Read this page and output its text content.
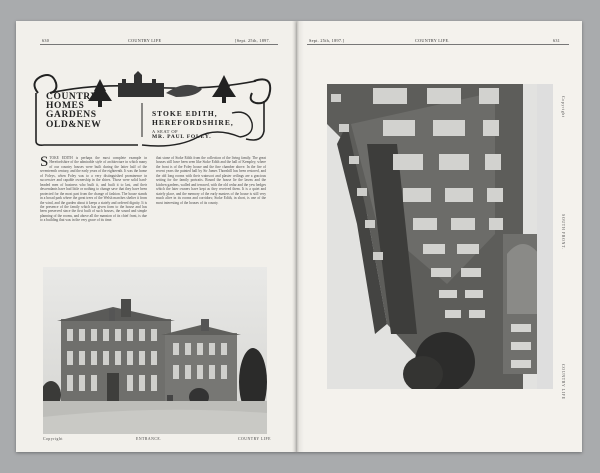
630	COUNTRY LIFE	[Sept. 25th, 1897.
COUNTRY
HOMES
GARDENS
OLD&NEW
STOKE EDITH,
HEREFORDSHIRE,
A SEAT OF
MR. PAUL FOLEY.

STOKE EDITH is perhaps the most complete example in Herefordshire of the admirable style of architecture in which many of our country houses were built during the latter half of the seventeenth century, and the early years of the eighteenth. It was the home of Foleys, when Foley was to a very distinguished prominence in successive and capable ownership in the shires. Those were solid hard-headed men of business who built it, and built it to last, and their descendants have had little or nothing to change save that they have been protected for the most part from the change of fashion. The house stands in a broad park where the great trees of the Welsh marches shelter it from the wind, and the garden about it keeps a stately and ordered dignity. It is the presence of the family which has given form to the house and has been preserved since the first built of such houses, the sound and simple planning of the rooms, and above all the mansion of its chief front, is due to a building that was in the very grace of its time.

that stone of Stoke Edith from the collection of the living family. The great houses still have been seen like Stoke Edith and the hall of Kempley, where the front is of the Foley house and the fine chamber above. In the fire of recent years the painted hall by Sir James Thornhill has been restored, and the old long rooms with their wainscot and plaster ceilings are a gracious setting for the family portraits. Round the house lie the lawns and the kitchen gardens, walled and terraced, with the old cedar and the yew hedges which the later owners have kept as they received them. It is a quiet and stately place, and the memory of the early masters of the house is still very much alive in its rooms and corridors; Stoke Edith, in short, is one of the most interesting of the houses of its county.

Copyright	ENTRANCE.	COUNTRY LIFE
Sept. 25th, 1897.]	COUNTRY LIFE.	631
Copyright
SOUTH FRONT.
COUNTRY LIFE
